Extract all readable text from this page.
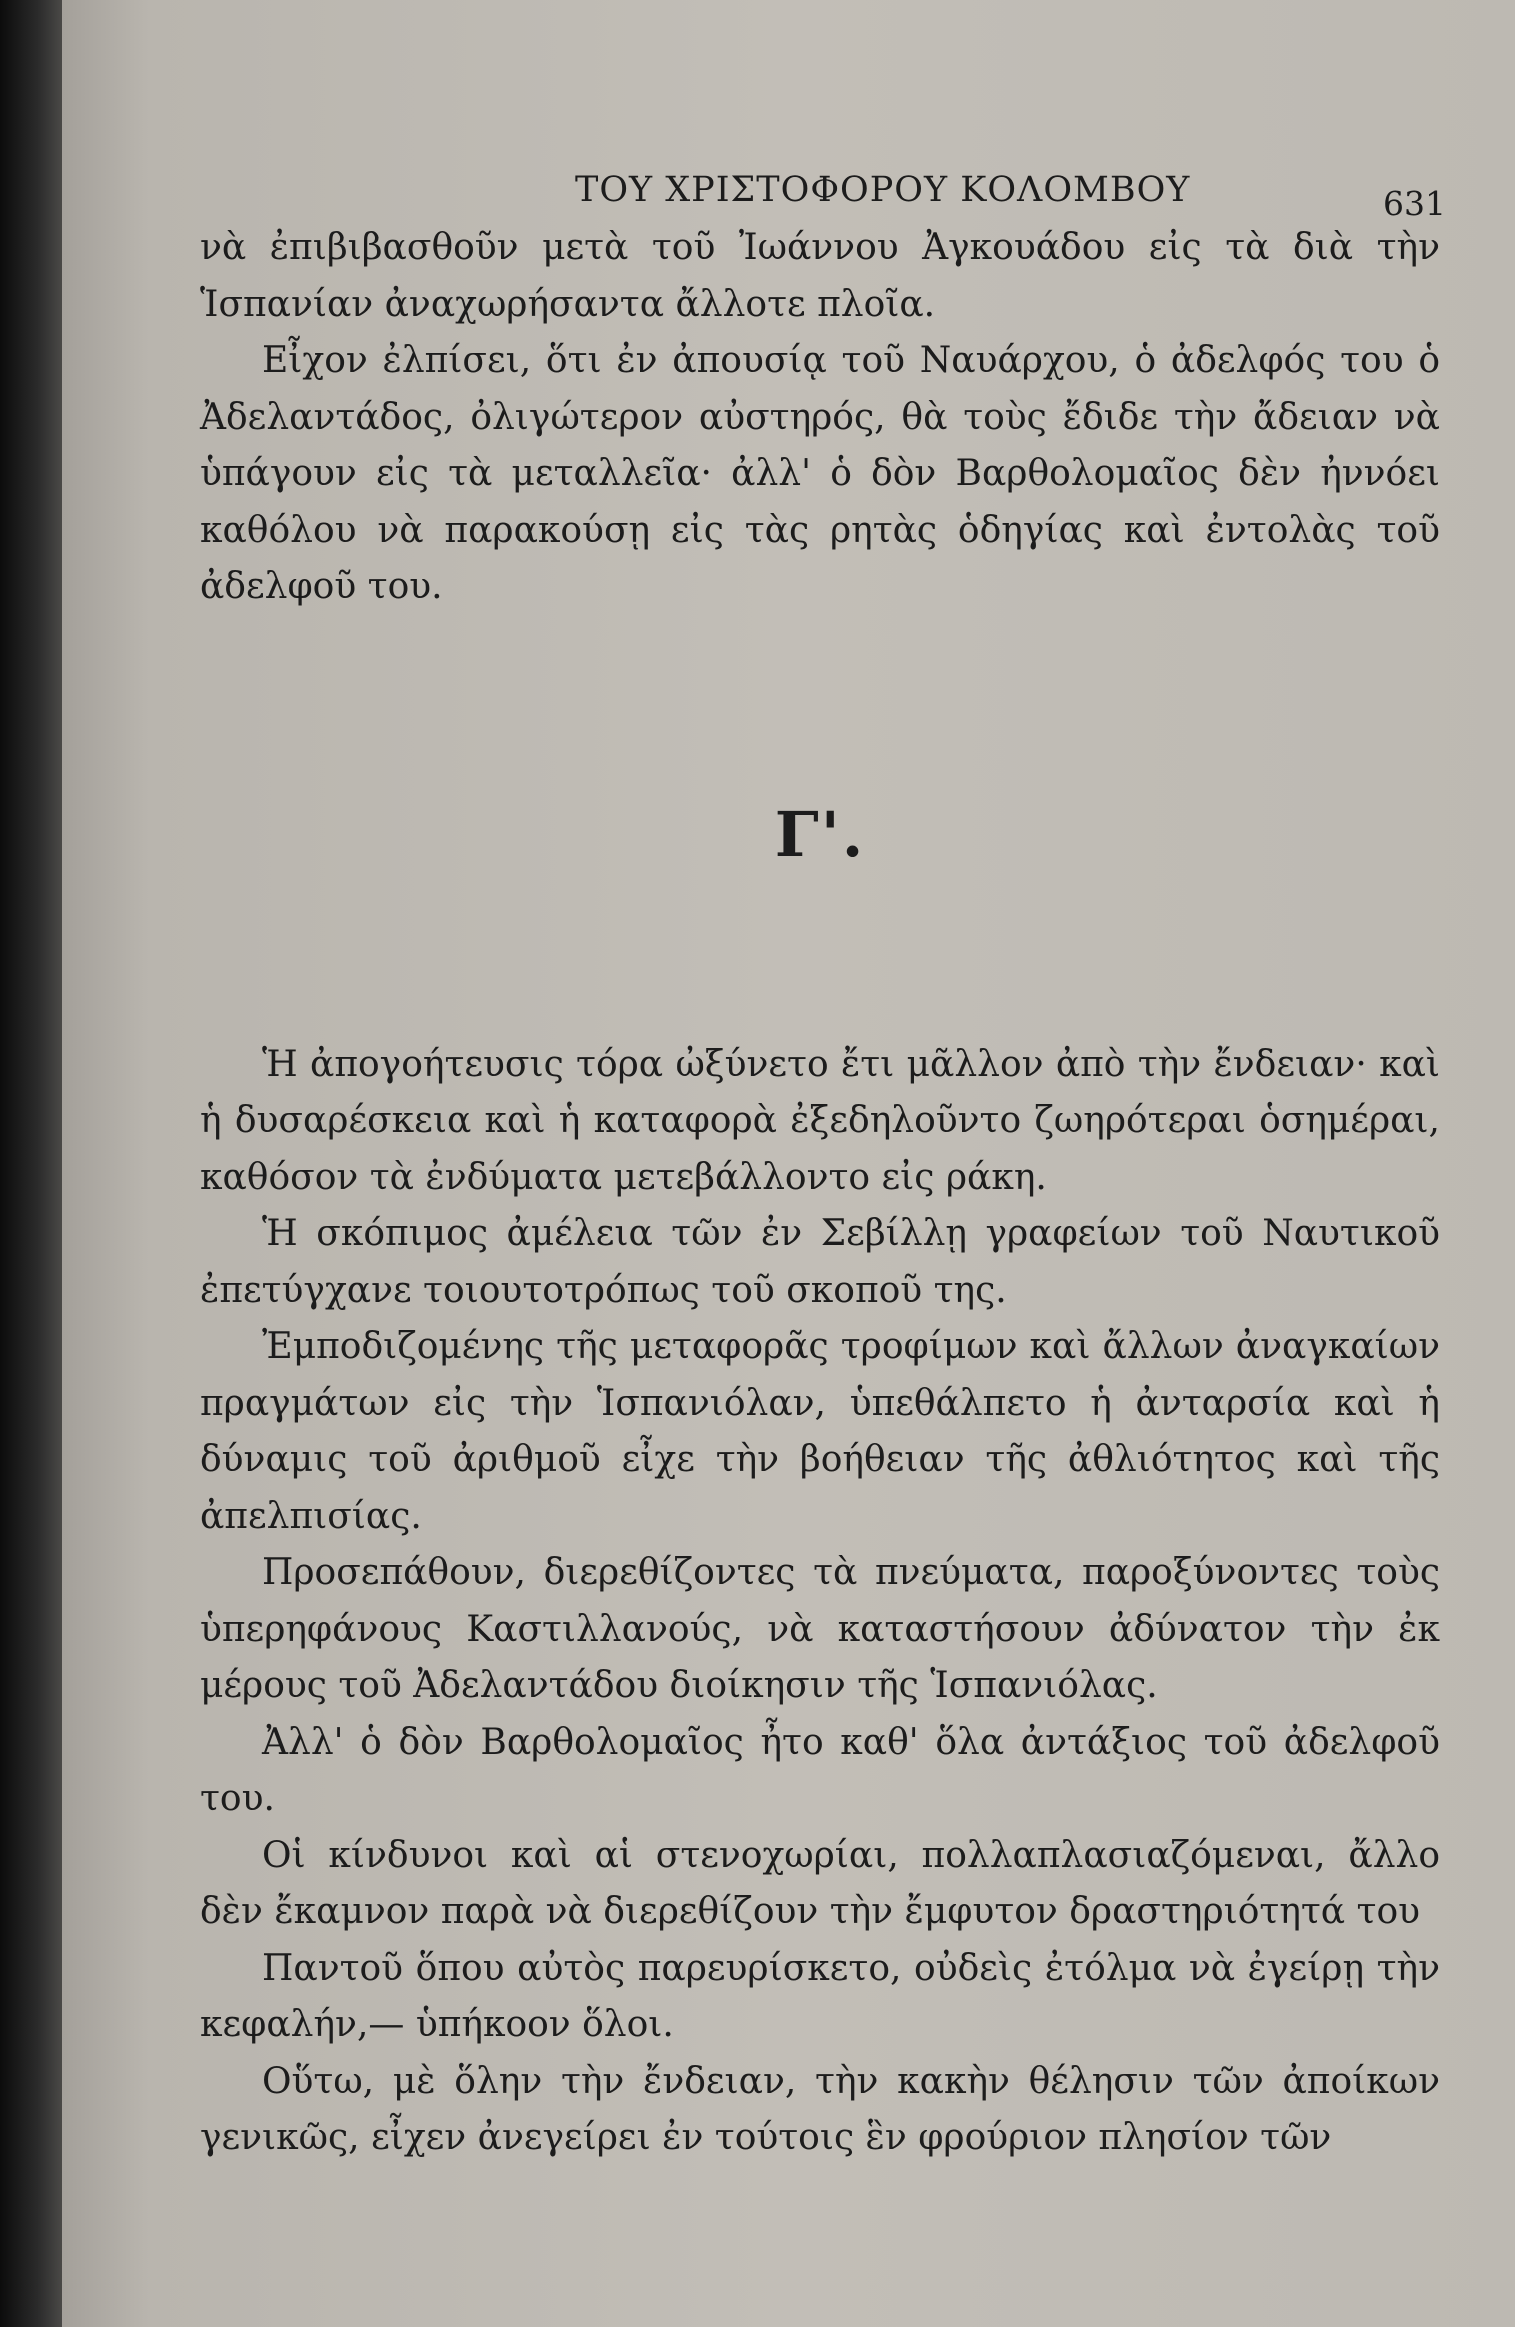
ΤΟΥ ΧΡΙΣΤΟΦΟΡΟΥ ΚΟΛΟΜΒΟΥ	631

νὰ ἐπιβιβασθοῦν μετὰ τοῦ Ἰωάννου Ἀγκουάδου εἰς τὰ διὰ τὴν Ἱσπανίαν ἀναχωρήσαντα ἄλλοτε πλοῖα.

Εἶχον ἐλπίσει, ὅτι ἐν ἀπουσίᾳ τοῦ Ναυάρχου, ὁ ἀδελφός του ὁ Ἀδελαντάδος, ὀλιγώτερον αὐστηρός, θὰ τοὺς ἔδιδε τὴν ἄδειαν νὰ ὑπάγουν εἰς τὰ μεταλλεῖα· ἀλλ' ὁ δὸν Βαρθολομαῖος δὲν ἠννόει καθόλου νὰ παρακούσῃ εἰς τὰς ρητὰς ὁδηγίας καὶ ἐντολὰς τοῦ ἀδελφοῦ του.

Γ'.

Ἡ ἀπογοήτευσις τόρα ὠξύνετο ἔτι μᾶλλον ἀπὸ τὴν ἔνδειαν· καὶ ἡ δυσαρέσκεια καὶ ἡ καταφορὰ ἐξεδηλοῦντο ζωηρότεραι ὁσημέραι, καθόσον τὰ ἐνδύματα μετεβάλλοντο εἰς ράκη.

Ἡ σκόπιμος ἀμέλεια τῶν ἐν Σεβίλλῃ γραφείων τοῦ Ναυτικοῦ ἐπετύγχανε τοιουτοτρόπως τοῦ σκοποῦ της.

Ἐμποδιζομένης τῆς μεταφορᾶς τροφίμων καὶ ἄλλων ἀναγκαίων πραγμάτων εἰς τὴν Ἱσπανιόλαν, ὑπεθάλπετο ἡ ἀνταρσία καὶ ἡ δύναμις τοῦ ἀριθμοῦ εἶχε τὴν βοήθειαν τῆς ἀθλιότητος καὶ τῆς ἀπελπισίας.

Προσεπάθουν, διερεθίζοντες τὰ πνεύματα, παροξύνοντες τοὺς ὑπερηφάνους Καστιλλανούς, νὰ καταστήσουν ἀδύνατον τὴν ἐκ μέρους τοῦ Ἀδελαντάδου διοίκησιν τῆς Ἱσπανιόλας.

Ἀλλ' ὁ δὸν Βαρθολομαῖος ἦτο καθ' ὅλα ἀντάξιος τοῦ ἀδελφοῦ του.

Οἱ κίνδυνοι καὶ αἱ στενοχωρίαι, πολλαπλασιαζόμεναι, ἄλλο δὲν ἔκαμνον παρὰ νὰ διερεθίζουν τὴν ἔμφυτον δραστηριότητά του

Παντοῦ ὅπου αὐτὸς παρευρίσκετο, οὐδεὶς ἐτόλμα νὰ ἐγείρῃ τὴν κεφαλήν,— ὑπήκοον ὅλοι.

Οὕτω, μὲ ὅλην τὴν ἔνδειαν, τὴν κακὴν θέλησιν τῶν ἀποίκων γενικῶς, εἶχεν ἀνεγείρει ἐν τούτοις ἓν φρούριον πλησίον τῶν
